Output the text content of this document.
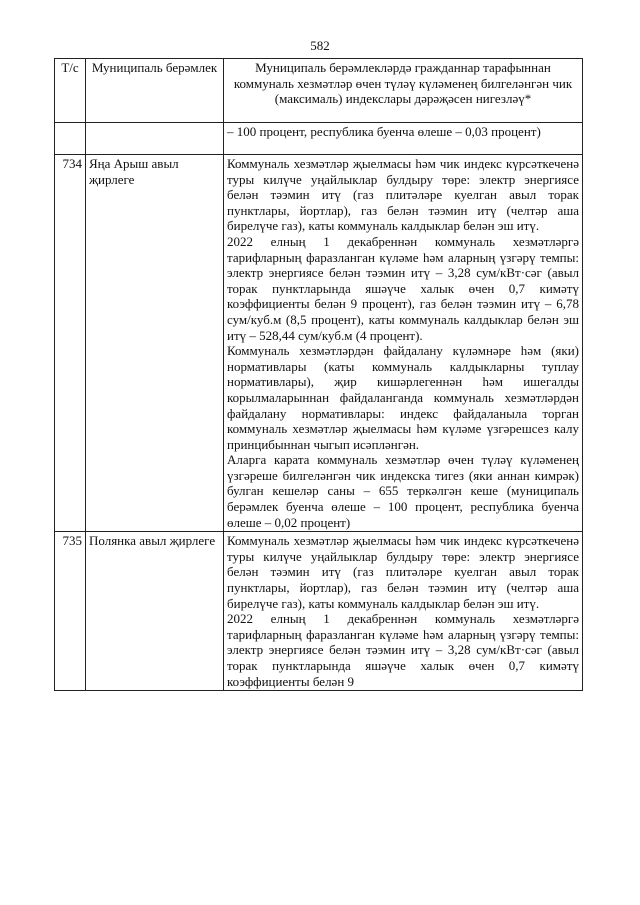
582
Т/с	Муниципаль берәмлек	Муниципаль берәмлекләрдә гражданнар тарафыннан коммуналь хезмәтләр өчен түләү күләменең билгеләнгән чик (максималь) индекслары дәрәҗәсен нигезләү*
		– 100 процент, республика буенча өлеше – 0,03 процент)
734	Яңа Арыш авыл җирлеге	Коммуналь хезмәтләр җыелмасы һәм чик индекс күрсәткеченә туры килүче уңайлыклар булдыру төре: электр энергиясе белән тәэмин итү (газ плитәләре куелган авыл торак пунктлары, йортлар), газ белән тәэмин итү (челтәр аша бирелүче газ), каты коммуналь калдыклар белән эш итү.

2022 елның 1 декабреннән коммуналь хезмәтләргә тарифларның фаразланган күләме һәм аларның үзгәрү темпы: электр энергиясе белән тәэмин итү – 3,28 сум/кВт·сәг (авыл торак пунктларында яшәүче халык өчен 0,7 кимәтү коэффициенты белән 9 процент), газ белән тәэмин итү – 6,78 сум/куб.м (8,5 процент), каты коммуналь калдыклар белән эш итү – 528,44 сум/куб.м (4 процент).

Коммуналь хезмәтләрдән файдалану күләмнәре һәм (яки) нормативлары (каты коммуналь калдыкларны туплау нормативлары), җир кишәрлегеннән һәм ишегалды корылмаларыннан файдаланганда коммуналь хезмәтләрдән файдалану нормативлары: индекс файдаланыла торган коммуналь хезмәтләр җыелмасы һәм күләме үзгәрешсез калу принцибыннан чыгып исәпләнгән.

Аларга карата коммуналь хезмәтләр өчен түләү күләменең үзгәреше билгеләнгән чик индекска тигез (яки аннан кимрәк) булган кешеләр саны – 655 теркәлгән кеше (муниципаль берәмлек буенча өлеше – 100 процент, республика буенча өлеше – 0,02 процент)

735	Полянка авыл җирлеге	Коммуналь хезмәтләр җыелмасы һәм чик индекс күрсәткеченә туры килүче уңайлыклар булдыру төре: электр энергиясе белән тәэмин итү (газ плитәләре куелган авыл торак пунктлары, йортлар), газ белән тәэмин итү (челтәр аша бирелүче газ), каты коммуналь калдыклар белән эш итү.

2022 елның 1 декабреннән коммуналь хезмәтләргә тарифларның фаразланган күләме һәм аларның үзгәрү темпы: электр энергиясе белән тәэмин итү – 3,28 сум/кВт·сәг (авыл торак пунктларында яшәүче халык өчен 0,7 кимәтү коэффициенты белән 9
